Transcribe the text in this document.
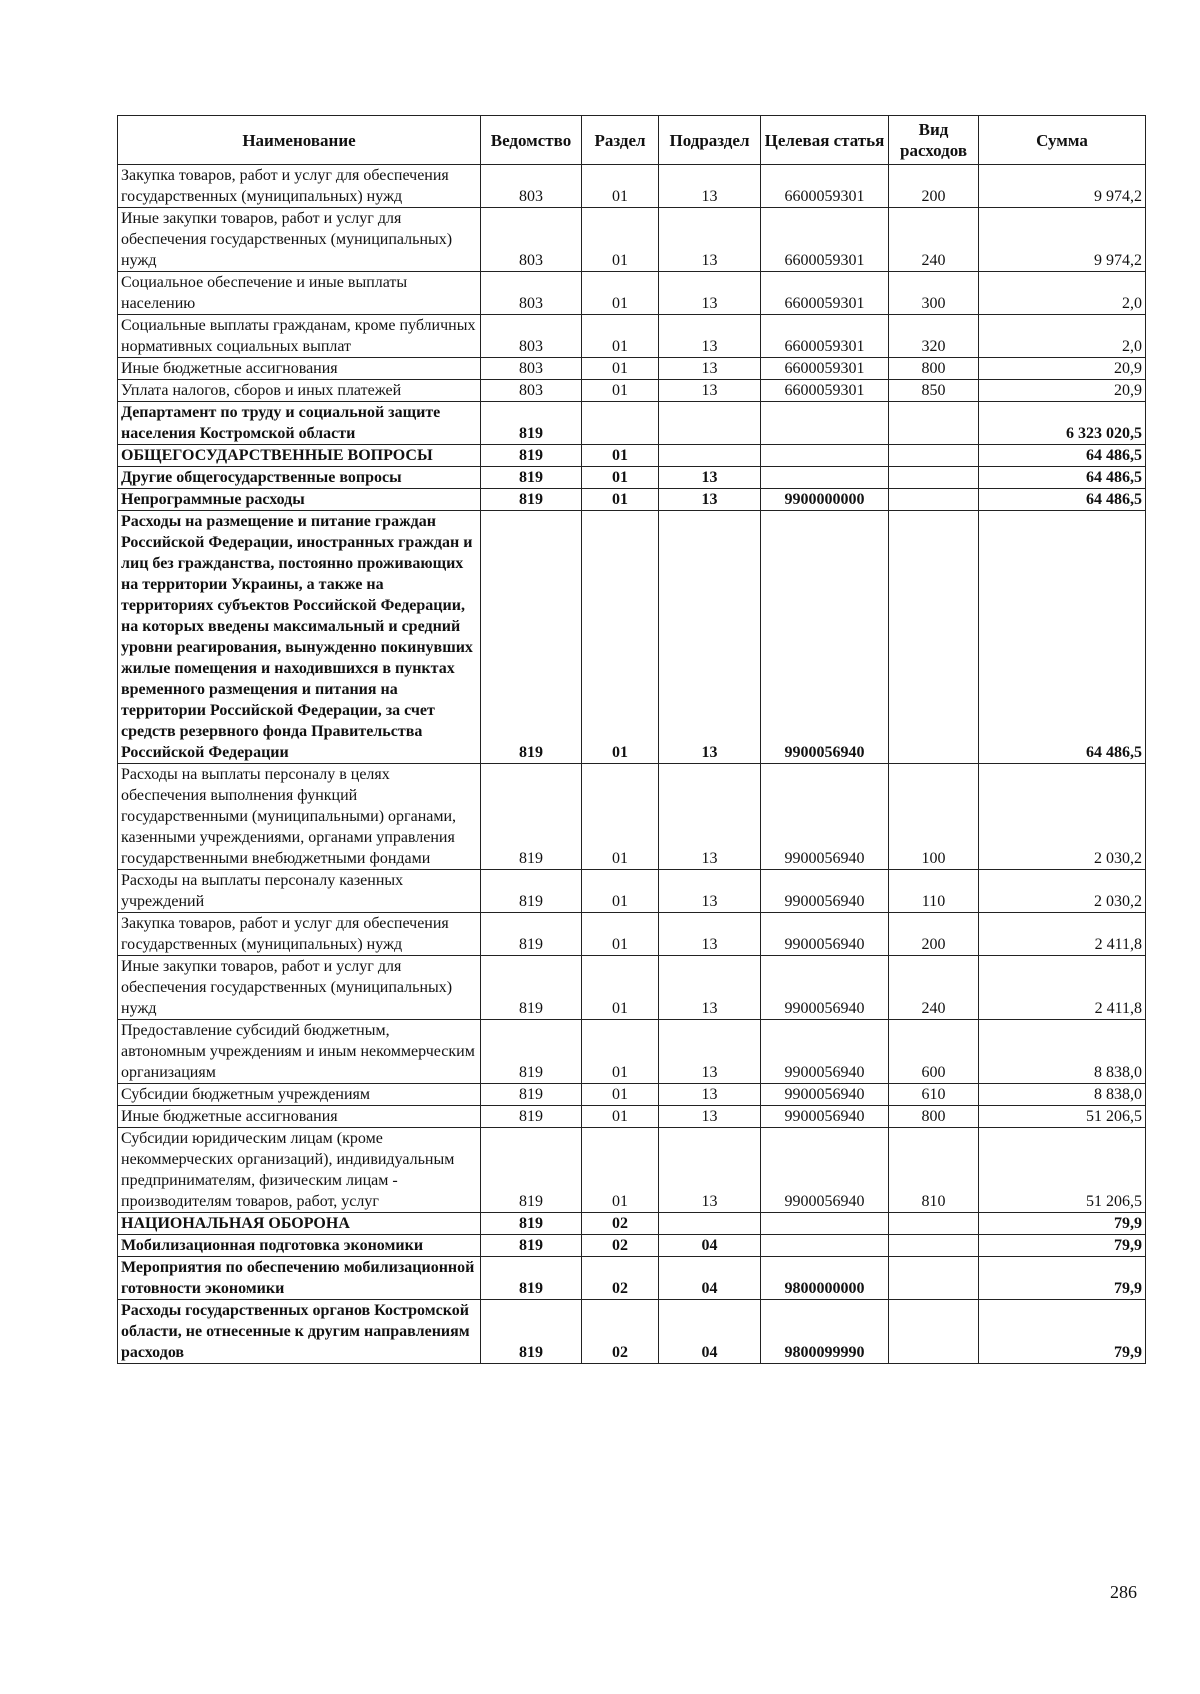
Наименование	Ведомство	Раздел	Подраздел	Целевая статья	Вид расходов	Сумма
Закупка товаров, работ и услуг для обеспечения государственных (муниципальных) нужд	803	01	13	6600059301	200	9 974,2
Иные закупки товаров, работ и услуг для обеспечения государственных (муниципальных) нужд	803	01	13	6600059301	240	9 974,2
Социальное обеспечение и иные выплаты населению	803	01	13	6600059301	300	2,0
Социальные выплаты гражданам, кроме публичных нормативных социальных выплат	803	01	13	6600059301	320	2,0
Иные бюджетные ассигнования	803	01	13	6600059301	800	20,9
Уплата налогов, сборов и иных платежей	803	01	13	6600059301	850	20,9
Департамент по труду и социальной защите населения Костромской области	819					6 323 020,5
ОБЩЕГОСУДАРСТВЕННЫЕ ВОПРОСЫ	819	01				64 486,5
Другие общегосударственные вопросы	819	01	13			64 486,5
Непрограммные расходы	819	01	13	9900000000		64 486,5
Расходы на размещение и питание граждан Российской Федерации, иностранных граждан и лиц без гражданства, постоянно проживающих на территории Украины, а также на территориях субъектов Российской Федерации, на которых введены максимальный и средний уровни реагирования, вынужденно покинувших жилые помещения и находившихся в пунктах временного размещения и питания на территории Российской Федерации, за счет средств резервного фонда Правительства Российской Федерации	819	01	13	9900056940		64 486,5
Расходы на выплаты персоналу в целях обеспечения выполнения функций государственными (муниципальными) органами, казенными учреждениями, органами управления государственными внебюджетными фондами	819	01	13	9900056940	100	2 030,2
Расходы на выплаты персоналу казенных учреждений	819	01	13	9900056940	110	2 030,2
Закупка товаров, работ и услуг для обеспечения государственных (муниципальных) нужд	819	01	13	9900056940	200	2 411,8
Иные закупки товаров, работ и услуг для обеспечения государственных (муниципальных) нужд	819	01	13	9900056940	240	2 411,8
Предоставление субсидий бюджетным, автономным учреждениям и иным некоммерческим организациям	819	01	13	9900056940	600	8 838,0
Субсидии бюджетным учреждениям	819	01	13	9900056940	610	8 838,0
Иные бюджетные ассигнования	819	01	13	9900056940	800	51 206,5
Субсидии юридическим лицам (кроме некоммерческих организаций), индивидуальным предпринимателям, физическим лицам - производителям товаров, работ, услуг	819	01	13	9900056940	810	51 206,5
НАЦИОНАЛЬНАЯ ОБОРОНА	819	02				79,9
Мобилизационная подготовка экономики	819	02	04			79,9
Мероприятия по обеспечению мобилизационной готовности экономики	819	02	04	9800000000		79,9
Расходы государственных органов Костромской области, не отнесенные к другим направлениям расходов	819	02	04	9800099990		79,9
286
